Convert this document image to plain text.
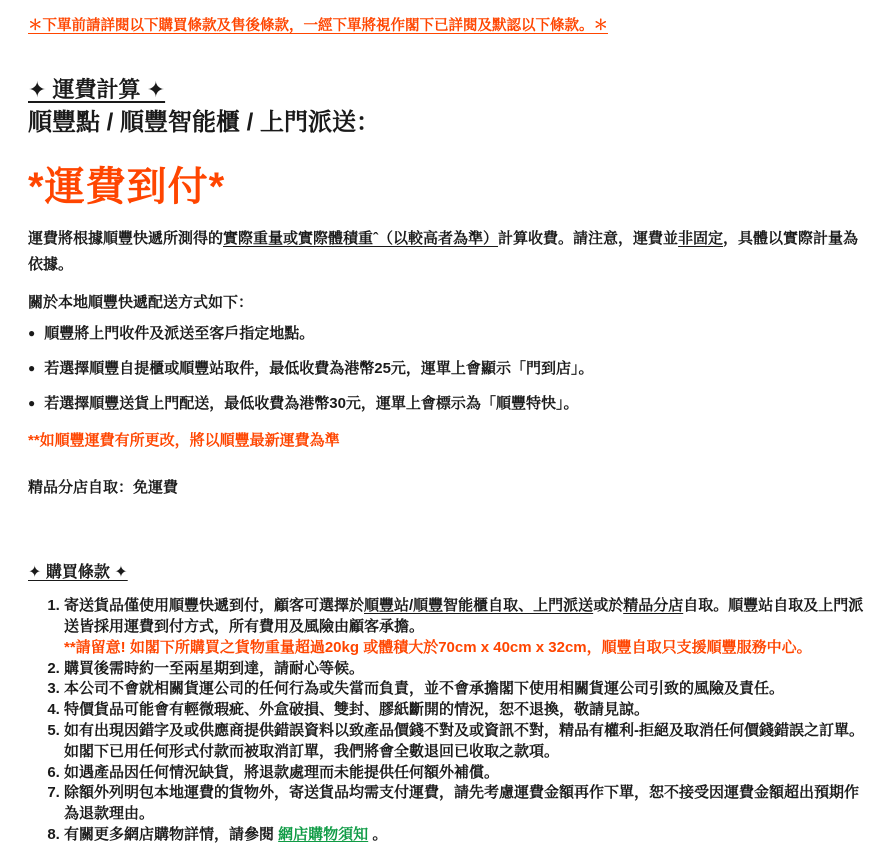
＊下單前請詳閱以下購買條款及售後條款，一經下單將視作閣下已詳閱及默認以下條款。＊
✦ 運費計算 ✦
順豐點 / 順豐智能櫃 / 上門派送：
*運費到付*

運費將根據順豐快遞所測得的實際重量或實際體積重ˆ（以較高者為準）計算收費。請注意，運費並非固定，具體以實際計量為依據。

關於本地順豐快遞配送方式如下：

● 順豐將上門收件及派送至客戶指定地點。
● 若選擇順豐自提櫃或順豐站取件，最低收費為港幣25元，運單上會顯示「門到店」。
● 若選擇順豐送貨上門配送，最低收費為港幣30元，運單上會標示為「順豐特快」。
**如順豐運費有所更改，將以順豐最新運費為準
精品分店自取：免運費
✦ 購買條款 ✦
1. 寄送貨品僅使用順豐快遞到付，顧客可選擇於順豐站/順豐智能櫃自取、上門派送或於精品分店自取。順豐站自取及上門派送皆採用運費到付方式，所有費用及風險由顧客承擔。
**請留意! 如閣下所購買之貨物重量超過20kg 或體積大於70cm x 40cm x 32cm，順豐自取只支援順豐服務中心。
2. 購買後需時約一至兩星期到達，請耐心等候。
3. 本公司不會就相關貨運公司的任何行為或失當而負責，並不會承擔閣下使用相關貨運公司引致的風險及責任。
4. 特價貨品可能會有輕微瑕疵、外盒破損、雙封、膠紙斷開的情況，恕不退換，敬請見諒。
5. 如有出現因錯字及或供應商提供錯誤資料以致產品價錢不對及或資訊不對，精品有權利-拒絕及取消任何價錢錯誤之訂單。如閣下已用任何形式付款而被取消訂單，我們將會全數退回已收取之款項。
6. 如遇產品因任何情況缺貨，將退款處理而未能提供任何額外補償。
7. 除額外列明包本地運費的貨物外，寄送貨品均需支付運費，請先考慮運費金額再作下單，恕不接受因運費金額超出預期作為退款理由。
8. 有關更多網店購物詳情，請參閱 網店購物須知 。
